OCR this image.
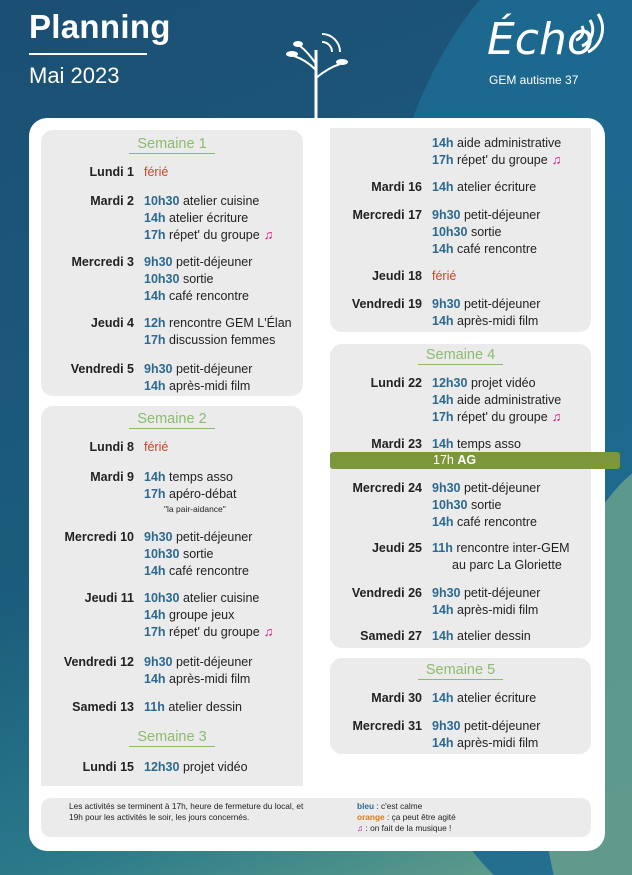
Planning
Mai 2023
Écho
GEM autisme 37
Semaine 1
Lundi 1 férié
Mardi 2 10h30 atelier cuisine
14h atelier écriture
17h répet' du groupe ♫
Mercredi 3 9h30 petit-déjeuner
10h30 sortie
14h café rencontre
Jeudi 4 12h rencontre GEM L'Élan
17h discussion femmes
Vendredi 5 9h30 petit-déjeuner
14h après-midi film
Semaine 2
Lundi 8 férié
Mardi 9 14h temps asso
17h apéro-débat
"la pair-aidance"
Mercredi 10 9h30 petit-déjeuner
10h30 sortie
14h café rencontre
Jeudi 11 10h30 atelier cuisine
14h groupe jeux
17h répet' du groupe ♫
Vendredi 12 9h30 petit-déjeuner
14h après-midi film
Samedi 13 11h atelier dessin
Semaine 3
Lundi 15 12h30 projet vidéo
14h aide administrative
17h répet' du groupe ♫
Mardi 16 14h atelier écriture
Mercredi 17 9h30 petit-déjeuner
10h30 sortie
14h café rencontre
Jeudi 18 férié
Vendredi 19 9h30 petit-déjeuner
14h après-midi film
Semaine 4
Lundi 22 12h30 projet vidéo
14h aide administrative
17h répet' du groupe ♫
Mardi 23 14h temps asso
Mercredi 24 9h30 petit-déjeuner
10h30 sortie
14h café rencontre
Jeudi 25 11h rencontre inter-GEM
au parc La Gloriette
Vendredi 26 9h30 petit-déjeuner
14h après-midi film
Samedi 27 14h atelier dessin
17h AG
Semaine 5
Mardi 30 14h atelier écriture
Mercredi 31 9h30 petit-déjeuner
14h après-midi film
Les activités se terminent à 17h, heure de fermeture du local, et 19h pour les activités le soir, les jours concernés.
bleu : c'est calme
orange : ça peut être agité
♫ : on fait de la musique !
